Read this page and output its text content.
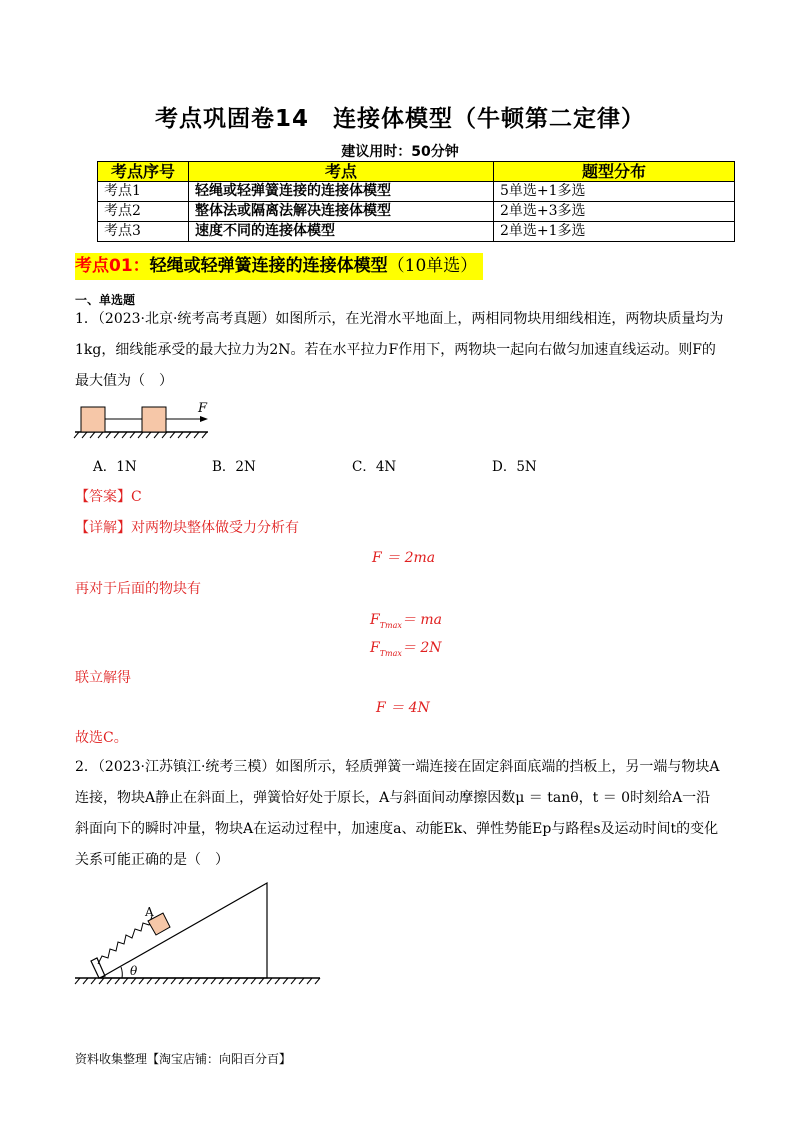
考点巩固卷14　连接体模型（牛顿第二定律）
建议用时：50分钟
考点序号	考点	题型分布
考点1	轻绳或轻弹簧连接的连接体模型	5单选+1多选
考点2	整体法或隔离法解决连接体模型	2单选+3多选
考点3	速度不同的连接体模型	2单选+1多选
考点01：轻绳或轻弹簧连接的连接体模型（10单选）
一、单选题
1．（2023·北京·统考高考真题）如图所示，在光滑水平地面上，两相同物块用细线相连，两物块质量均为
1kg，细线能承受的最大拉力为2N。若在水平拉力F作用下，两物块一起向右做匀加速直线运动。则F的
最大值为（　）
F
A．1N	B．2N	C．4N	D．5N
【答案】C
【详解】对两物块整体做受力分析有
F ＝ 2ma
再对于后面的物块有
$F_{Tmax}=$ ma
$F_{Tmax}= 2N$
联立解得
F ＝ 4N
故选C。
2．（2023·江苏镇江·统考三模）如图所示，轻质弹簧一端连接在固定斜面底端的挡板上，另一端与物块A
连接，物块A静止在斜面上，弹簧恰好处于原长，A与斜面间动摩擦因数μ ＝ tanθ，t ＝ 0时刻给A一沿
斜面向下的瞬时冲量，物块A在运动过程中，加速度a、动能Ek、弹性势能Ep与路程s及运动时间t的变化
关系可能正确的是（　）
A
θ
资料收集整理【淘宝店铺：向阳百分百】
